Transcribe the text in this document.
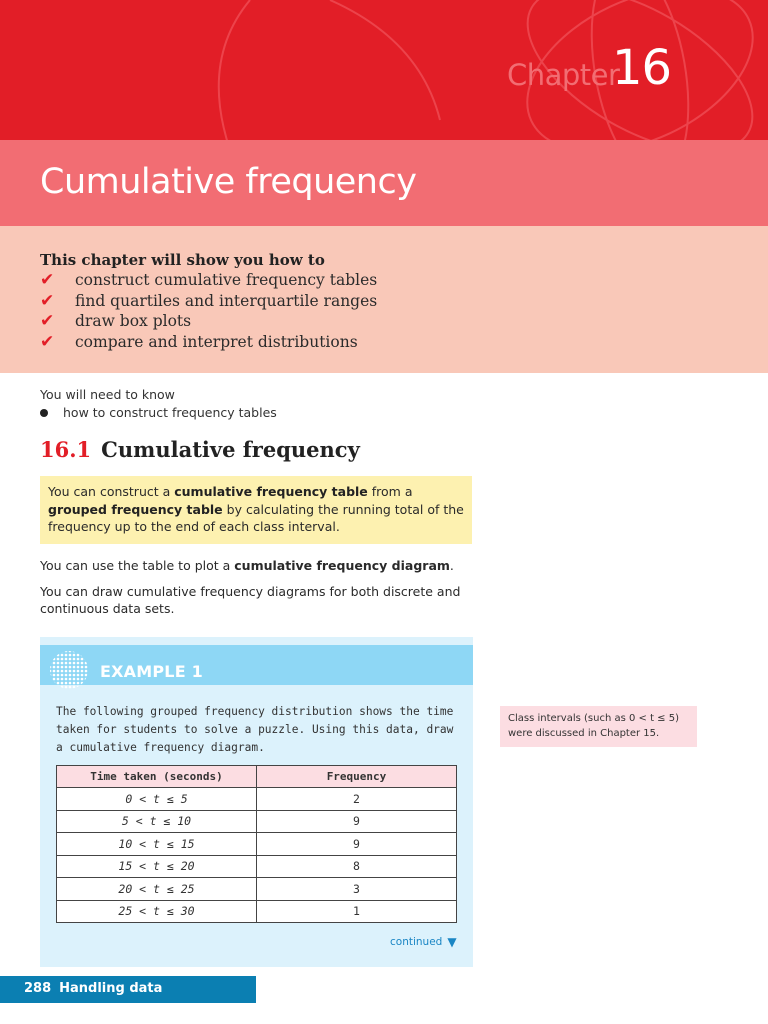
Chapter
16
Cumulative frequency
This chapter will show you how to
✔	construct cumulative frequency tables
✔	find quartiles and interquartile ranges
✔	draw box plots
✔	compare and interpret distributions
You will need to know
how to construct frequency tables
16.1 Cumulative frequency
You can construct a cumulative frequency table from a grouped frequency table by calculating the running total of the frequency up to the end of each class interval.

You can use the table to plot a cumulative frequency diagram.

You can draw cumulative frequency diagrams for both discrete and continuous data sets.

EXAMPLE 1

The following grouped frequency distribution shows the time taken for students to solve a puzzle. Using this data, draw a cumulative frequency diagram.

Time taken (seconds)	Frequency
0 < t ≤ 5	2
5 < t ≤ 10	9
10 < t ≤ 15	9
15 < t ≤ 20	8
20 < t ≤ 25	3
25 < t ≤ 30	1
continued ▼
Class intervals (such as 0 < t ≤ 5) were discussed in Chapter 15.
288 Handling data
